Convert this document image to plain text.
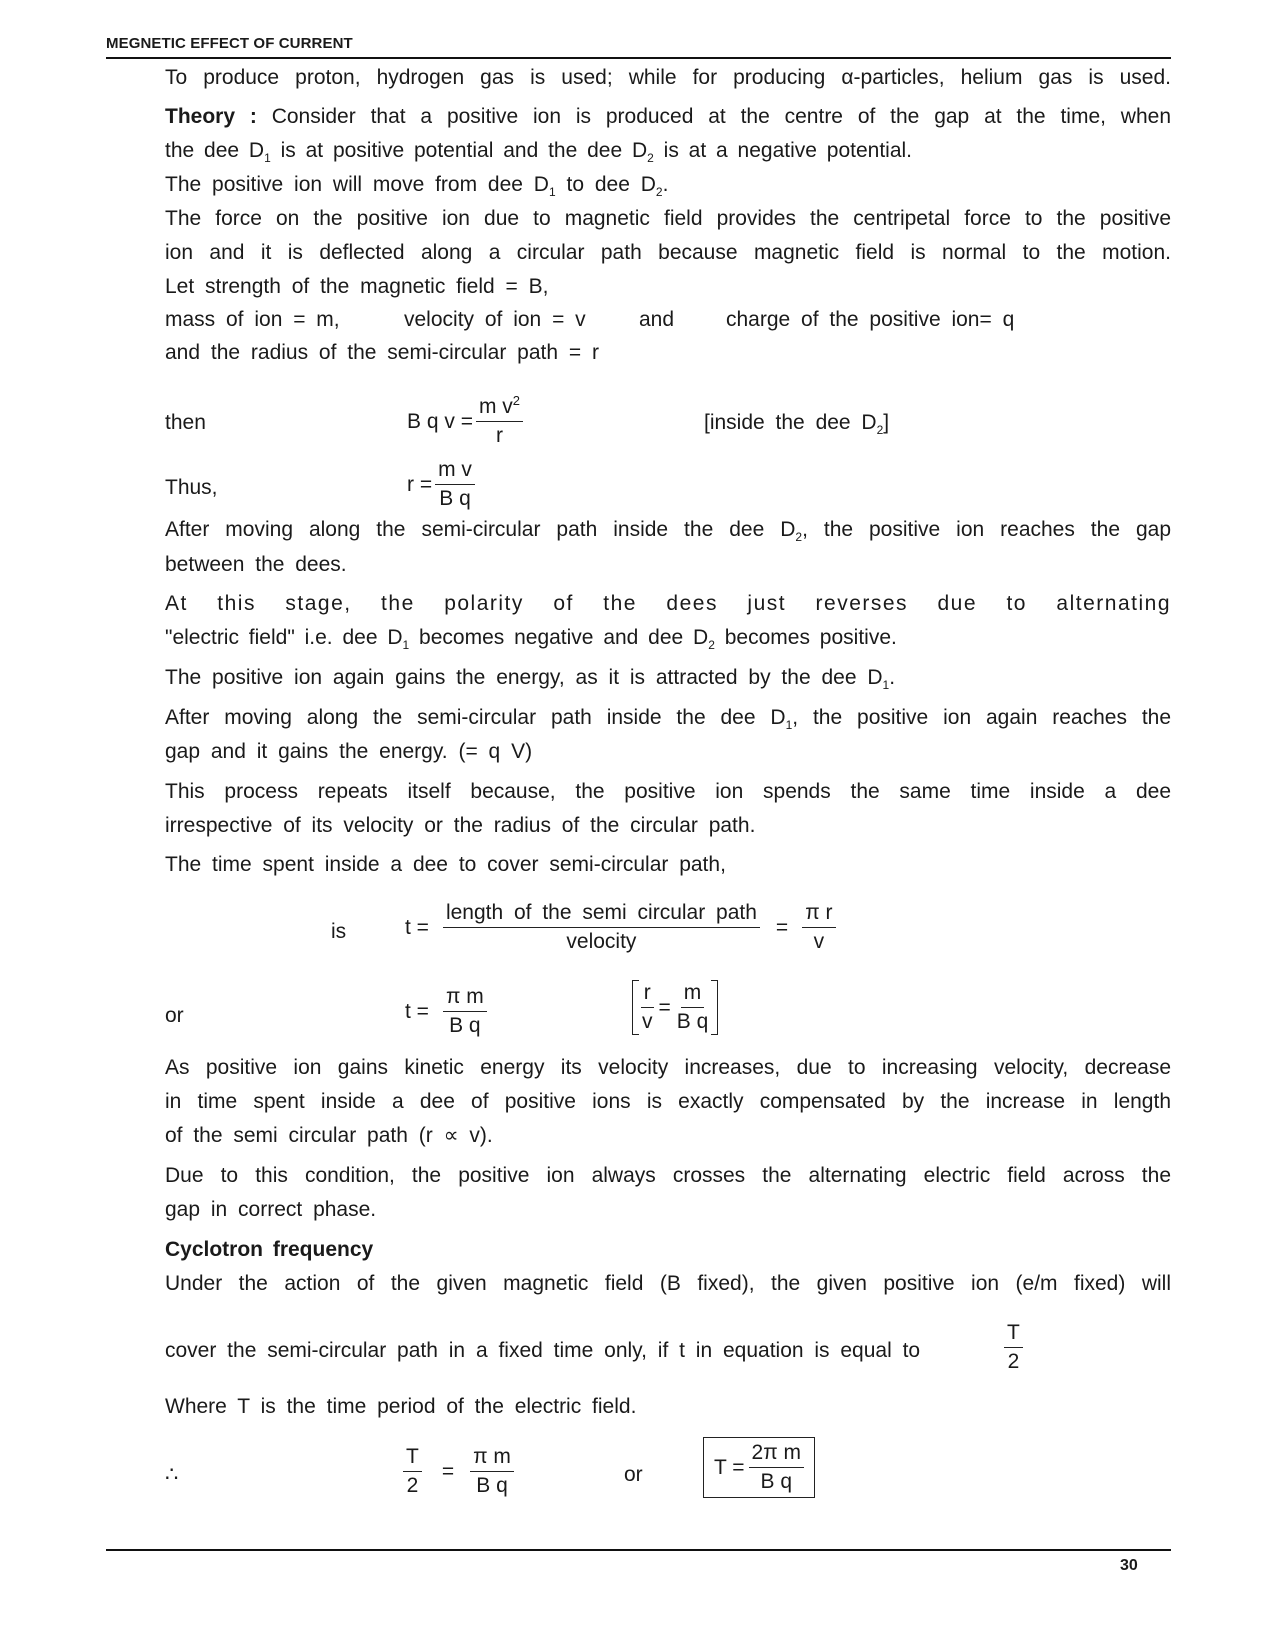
MEGNETIC EFFECT OF CURRENT
To produce proton, hydrogen gas is used; while for producing α-particles, helium gas is used.
Theory : Consider that a positive ion is produced at the centre of the gap at the time, when
the dee $D_1$ is at positive potential and the dee $D_2$ is at a negative potential.
The positive ion will move from dee $D_1$ to dee $D_2$.
The force on the positive ion due to magnetic field provides the centripetal force to the positive
ion and it is deflected along a circular path because magnetic field is normal to the motion.
Let strength of the magnetic field = B,
mass of ion = m,	velocity of ion = v	and charge of the positive ion= q
and the radius of the semi-circular path = r
then	B q $v = \frac{m v^2}{r}$	[inside the dee $D_2$]
Thus,	$r = \frac{\text{m v}}{\text{B q}}$
After moving along the semi-circular path inside the dee $D_2$, the positive ion reaches the gap
between the dees.
At this stage, the polarity of the dees just reverses due to alternating
"electric field" i.e. dee $D_1$ becomes negative and dee $D_2$ becomes positive.
The positive ion again gains the energy, as it is attracted by the dee $D_1$.
After moving along the semi-circular path inside the dee $D_1$, the positive ion again reaches the
gap and it gains the energy. (= q V)
This process repeats itself because, the positive ion spends the same time inside a dee
irrespective of its velocity or the radius of the circular path.
The time spent inside a dee to cover semi-circular path,
is	$t = \frac{\text{length of the semi circular path}}{\text{velocity}} = \frac{\text{π r}}{v}$
or	$t = \frac{\text{π m}}{\text{B q}}$	$\frac{r}{v} = \frac{m}{\text{B q}}$
As positive ion gains kinetic energy its velocity increases, due to increasing velocity, decrease
in time spent inside a dee of positive ions is exactly compensated by the increase in length
of the semi circular path (r ∝ v).
Due to this condition, the positive ion always crosses the alternating electric field across the
gap in correct phase.
Cyclotron frequency
Under the action of the given magnetic field (B fixed), the given positive ion (e/m fixed) will
cover the semi-circular path in a fixed time only, if t in equation is equal to	$\frac{T}{2}$
Where T is the time period of the electric field.
∴	$\frac{T}{2} = \frac{\text{π m}}{\text{B q}}$	or	$T = \frac{\text{2π m}}{\text{B q}}$
30
